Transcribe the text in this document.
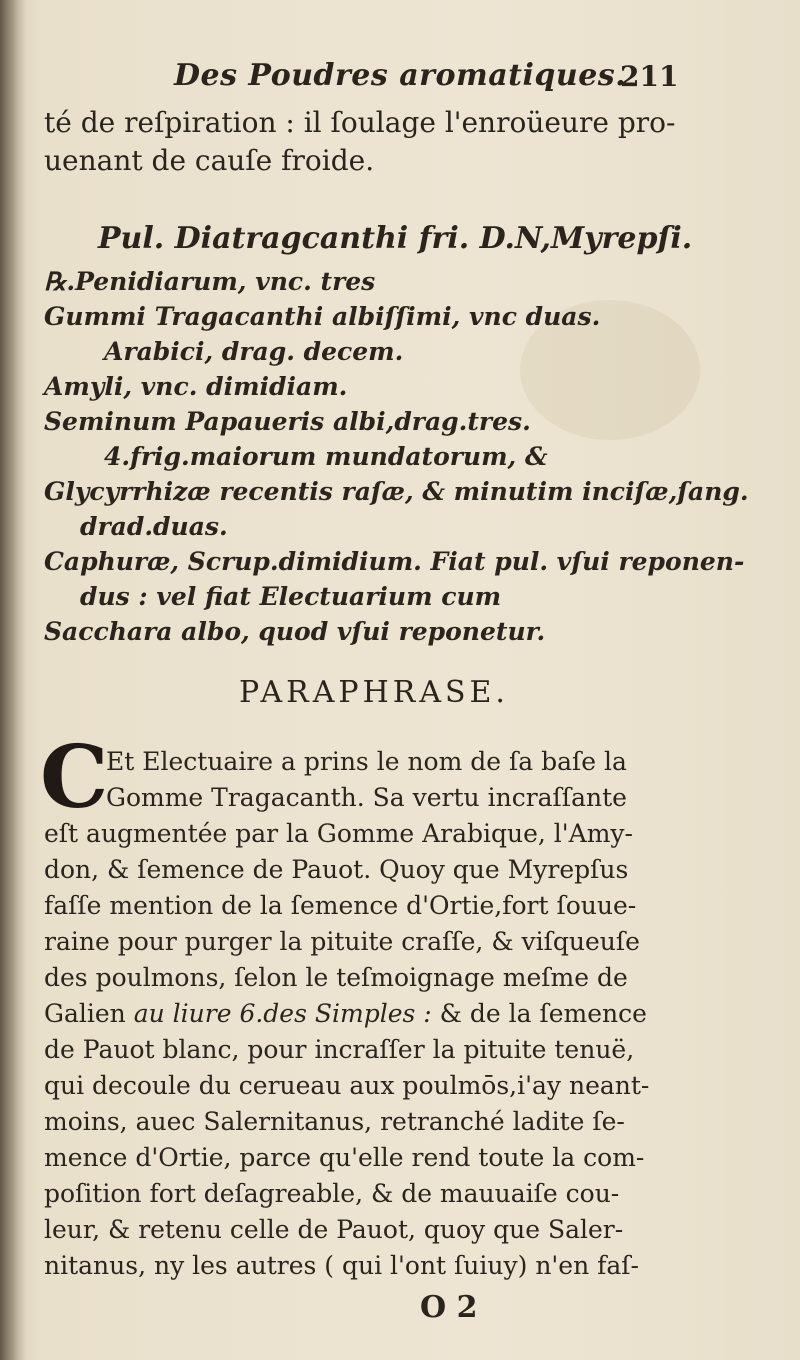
Des Poudres aromatiques.
211
té de reſpiration : il ſoulage l'enroüeure pro-
uenant de cauſe froide.
Pul. Diatragcanthi fri. D.N,Myrepſi.
℞.Penidiarum, vnc. tres
Gummi Tragacanthi albiſſimi, vnc duas.
Arabici, drag. decem.
Amyli, vnc. dimidiam.
Seminum Papaueris albi,drag.tres.
4.frig.maiorum mundatorum, &
Glycyrrhizæ recentis raſæ, & minutim inciſæ,ſang.
drad.duas.
Caphuræ, Scrup.dimidium. Fiat pul. vſui reponen-
dus : vel fiat Electuarium cum
Sacchara albo, quod vſui reponetur.
PARAPHRASE.
C
Et Electuaire a prins le nom de ſa baſe la
Gomme Tragacanth. Sa vertu incraſſante
eſt augmentée par la Gomme Arabique, l'Amy-
don, & ſemence de Pauot. Quoy que Myrepſus
faſſe mention de la ſemence d'Ortie,fort ſouue-
raine pour purger la pituite craſſe, & viſqueuſe
des poulmons, ſelon le teſmoignage meſme de
Galien au liure 6.des Simples : & de la ſemence
de Pauot blanc, pour incraſſer la pituite tenuë,
qui decoule du cerueau aux poulmōs,i'ay neant-
moins, auec Salernitanus, retranché ladite ſe-
mence d'Ortie, parce qu'elle rend toute la com-
poſition fort deſagreable, & de mauuaiſe cou-
leur, & retenu celle de Pauot, quoy que Saler-
nitanus, ny les autres ( qui l'ont ſuiuy) n'en faſ-
O 2
